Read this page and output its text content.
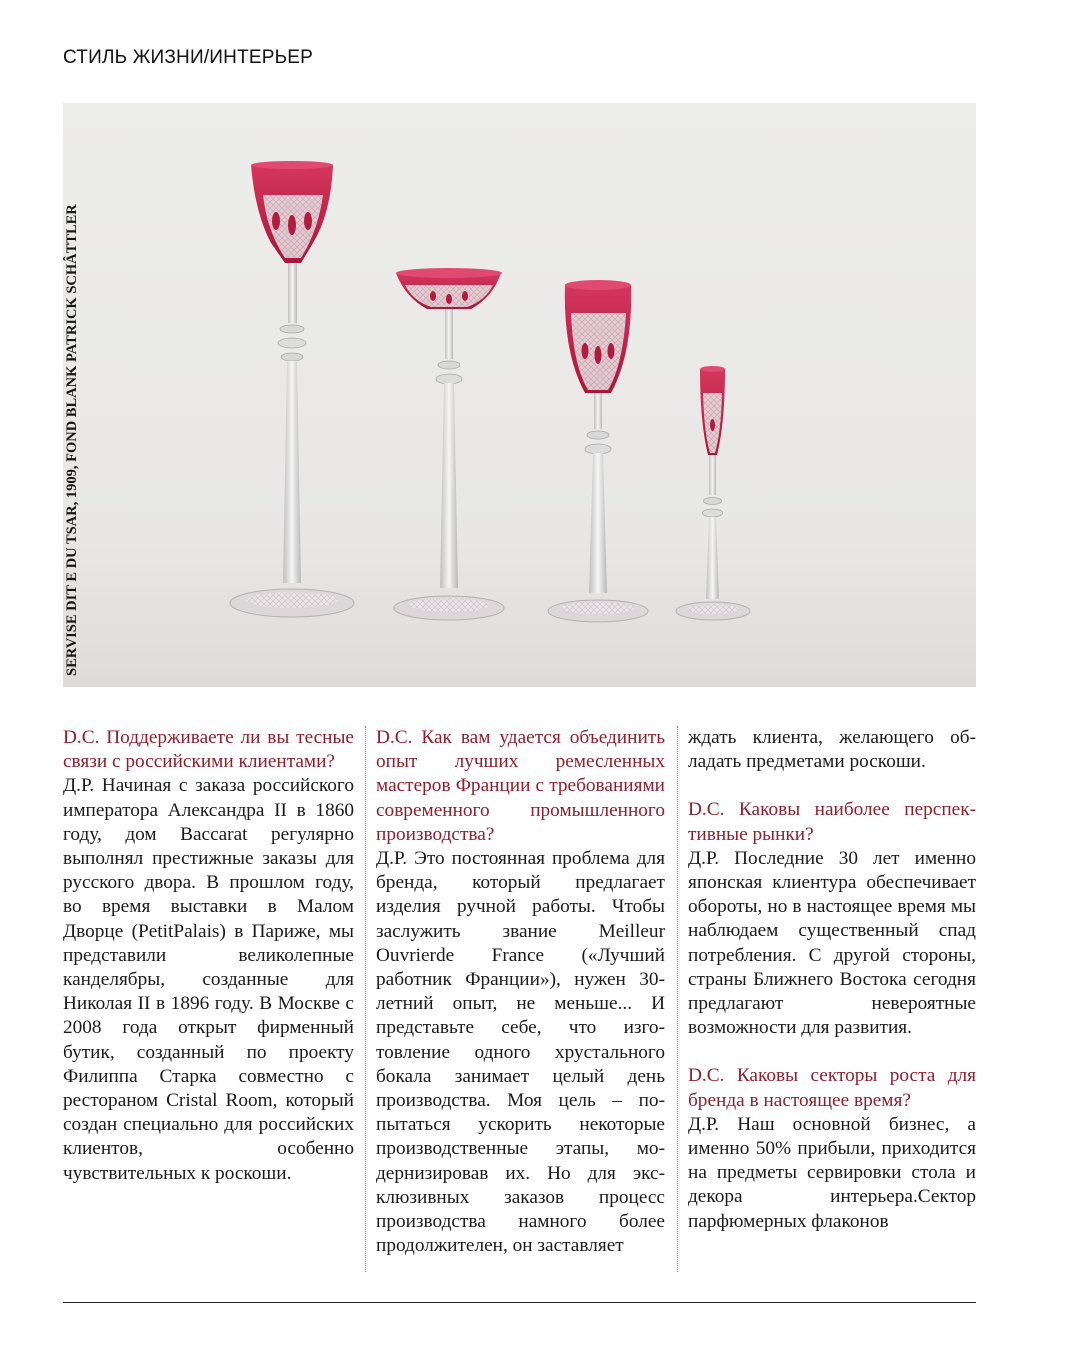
СТИЛЬ ЖИЗНИ/ИНТЕРЬЕР
SERVISE DIT E DU TSAR, 1909, FOND BLANK PATRICK SCHÂTTLER

D.C. Поддерживаете ли вы тесные связи с российскими клиентами?

Д.Р. Начиная с заказа российского императора Александра II в 1860 году, дом Baccarat регулярно выполнял престижные заказы для русского двора. В прошлом году, во время выставки в Малом Дворце (PetitPalais) в Париже, мы представили великолепные канделябры, созданные для Николая II в 1896 году. В Москве с 2008 года открыт фирменный бутик, созданный по проекту Филиппа Старка совместно с рестораном Cristal Room, который создан специально для российских клиентов, особенно чувствительных к роскоши.

D.C. Как вам удается объединить опыт лучших ремесленных мастеров Франции с требованиями современного промышленного производства?

Д.Р. Это постоянная проблема для бренда, который предлагает изделия ручной работы. Чтобы заслужить звание Meilleur Ouvrierde France («Лучший работник Франции»), нужен 30-летний опыт, не меньше... И представьте себе, что изготовление одного хрустального бокала занимает целый день производства. Моя цель – попытаться ускорить некоторые производственные этапы, модернизировав их. Но для эксклюзивных заказов процесс производства намного более продолжителен, он заставляет

ждать клиента, желающего обладать предметами роскоши.

D.C. Каковы наиболее перспективные рынки?

Д.Р. Последние 30 лет именно японская клиентура обеспечивает обороты, но в настоящее время мы наблюдаем существенный спад потребления. С другой стороны, страны Ближнего Востока сегодня предлагают невероятные возможности для развития.

D.C. Каковы секторы роста для бренда в настоящее время?

Д.Р. Наш основной бизнес, а именно 50% прибыли, приходится на предметы сервировки стола и декора интерьера.Сектор парфюмерных флаконов
